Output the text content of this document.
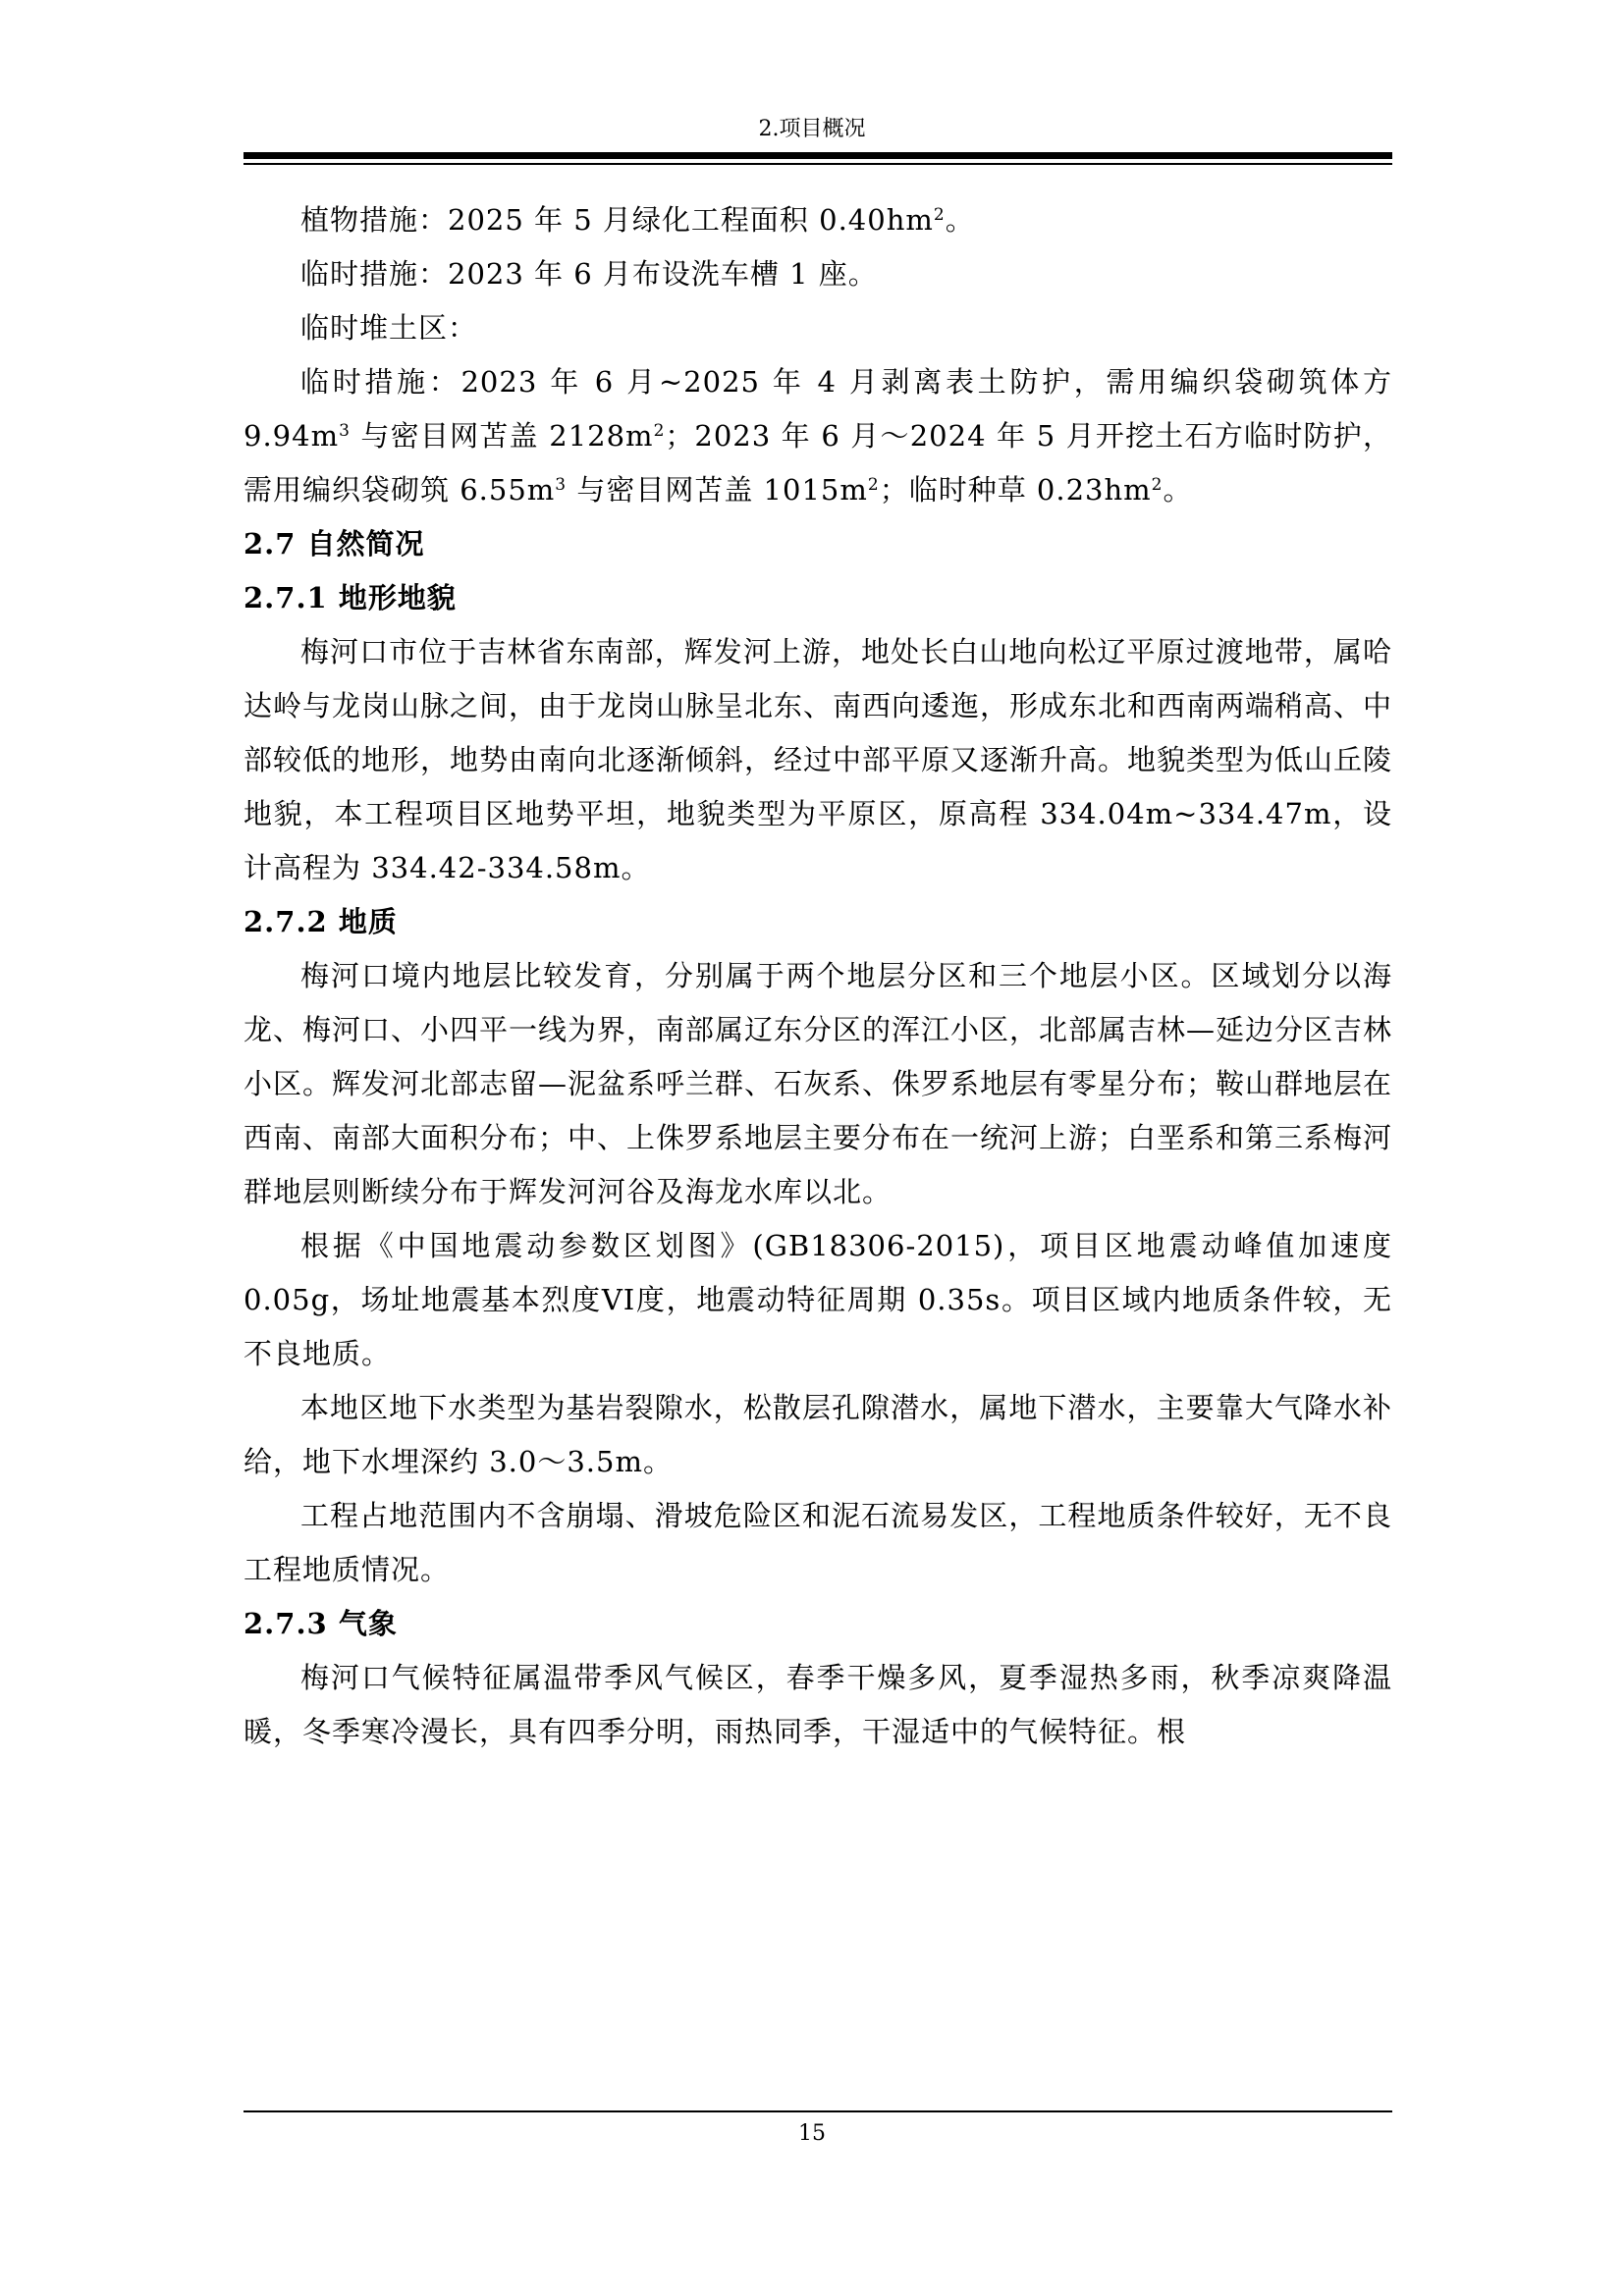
2.项目概况

植物措施：2025 年 5 月绿化工程面积 $0.40hm^2$。

临时措施：2023 年 6 月布设洗车槽 1 座。

临时堆土区：

临时措施：2023 年 6 月~2025 年 4 月剥离表土防护，需用编织袋砌筑体方 $9.94m^3$ 与密目网苫盖 $2128m^2$；2023 年 6 月～2024 年 5 月开挖土石方临时防护，需用编织袋砌筑 $6.55m^3$ 与密目网苫盖 $1015m^2$；临时种草 $0.23hm^2$。

2.7 自然简况
2.7.1 地形地貌

梅河口市位于吉林省东南部，辉发河上游，地处长白山地向松辽平原过渡地带，属哈达岭与龙岗山脉之间，由于龙岗山脉呈北东、南西向逶迤，形成东北和西南两端稍高、中部较低的地形，地势由南向北逐渐倾斜，经过中部平原又逐渐升高。地貌类型为低山丘陵地貌，本工程项目区地势平坦，地貌类型为平原区，原高程 334.04m~334.47m，设计高程为 334.42-334.58m。

2.7.2 地质

梅河口境内地层比较发育，分别属于两个地层分区和三个地层小区。区域划分以海龙、梅河口、小四平一线为界，南部属辽东分区的浑江小区，北部属吉林—延边分区吉林小区。辉发河北部志留—泥盆系呼兰群、石灰系、侏罗系地层有零星分布；鞍山群地层在西南、南部大面积分布；中、上侏罗系地层主要分布在一统河上游；白垩系和第三系梅河群地层则断续分布于辉发河河谷及海龙水库以北。

根据《中国地震动参数区划图》(GB18306-2015)，项目区地震动峰值加速度 0.05g，场址地震基本烈度VI度，地震动特征周期 0.35s。项目区域内地质条件较，无不良地质。

本地区地下水类型为基岩裂隙水，松散层孔隙潜水，属地下潜水，主要靠大气降水补给，地下水埋深约 3.0～3.5m。

工程占地范围内不含崩塌、滑坡危险区和泥石流易发区，工程地质条件较好，无不良工程地质情况。

2.7.3 气象

梅河口气候特征属温带季风气候区，春季干燥多风，夏季湿热多雨，秋季凉爽降温暖，冬季寒冷漫长，具有四季分明，雨热同季，干湿适中的气候特征。根

15
